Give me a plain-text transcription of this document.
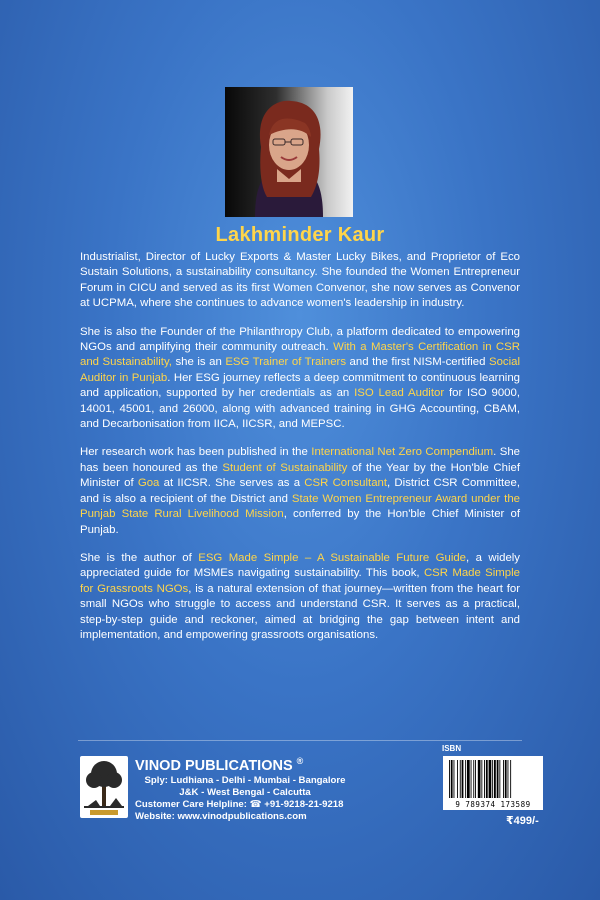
Lakhminder Kaur

Industrialist, Director of Lucky Exports & Master Lucky Bikes, and Proprietor of Eco Sustain Solutions, a sustainability consultancy. She founded the Women Entrepreneur Forum in CICU and served as its first Women Convenor, she now serves as Convenor at UCPMA, where she continues to advance women's leadership in industry.

She is also the Founder of the Philanthropy Club, a platform dedicated to empowering NGOs and amplifying their community outreach. With a Master's Certification in CSR and Sustainability, she is an ESG Trainer of Trainers and the first NISM-certified Social Auditor in Punjab. Her ESG journey reflects a deep commitment to continuous learning and application, supported by her credentials as an ISO Lead Auditor for ISO 9000, 14001, 45001, and 26000, along with advanced training in GHG Accounting, CBAM, and Decarbonisation from IICA, IICSR, and MEPSC.

Her research work has been published in the International Net Zero Compendium. She has been honoured as the Student of Sustainability of the Year by the Hon'ble Chief Minister of Goa at IICSR. She serves as a CSR Consultant, District CSR Committee, and is also a recipient of the District and State Women Entrepreneur Award under the Punjab State Rural Livelihood Mission, conferred by the Hon'ble Chief Minister of Punjab.

She is the author of ESG Made Simple – A Sustainable Future Guide, a widely appreciated guide for MSMEs navigating sustainability. This book, CSR Made Simple for Grassroots NGOs, is a natural extension of that journey—written from the heart for small NGOs who struggle to access and understand CSR. It serves as a practical, step-by-step guide and reckoner, aimed at bridging the gap between intent and implementation, and empowering grassroots organisations.

VINOD PUBLICATIONS ®
Sply: Ludhiana - Delhi - Mumbai - Bangalore
J&K - West Bengal - Calcutta
Customer Care Helpline: ☎ +91-9218-21-9218
Website: www.vinodpublications.com
ISBN
9 789374 173589
₹499/-
